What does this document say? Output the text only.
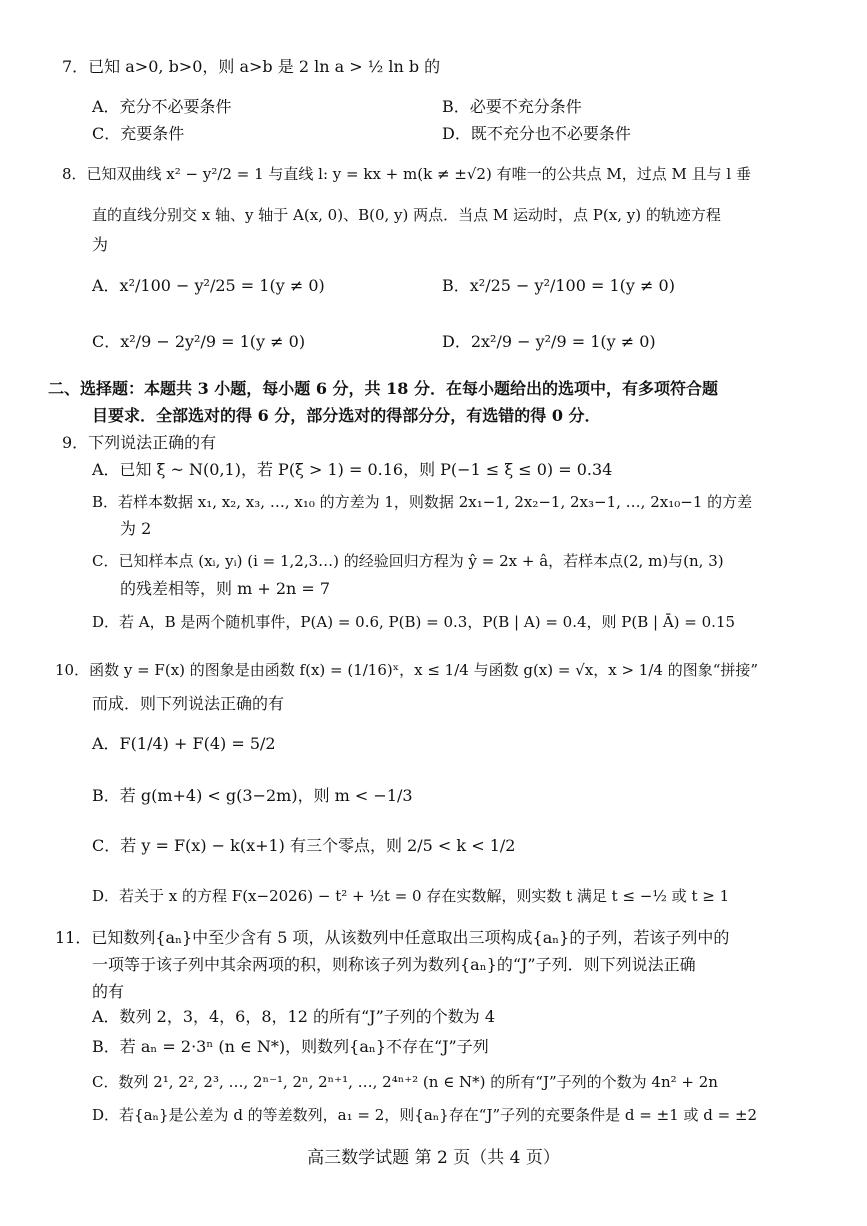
7．已知 a>0, b>0，则 a>b 是 2 ln a > ½ ln b 的
A．充分不必要条件	B．必要不充分条件
C．充要条件	D．既不充分也不必要条件
8．已知双曲线 x² − y²/2 = 1 与直线 l: y = kx + m(k ≠ ±√2) 有唯一的公共点 M，过点 M 且与 l 垂
直的直线分别交 x 轴、y 轴于 A(x, 0)、B(0, y) 两点．当点 M 运动时，点 P(x, y) 的轨迹方程
为
A．x²/100 − y²/25 = 1(y ≠ 0)	B．x²/25 − y²/100 = 1(y ≠ 0)
C．x²/9 − 2y²/9 = 1(y ≠ 0)	D．2x²/9 − y²/9 = 1(y ≠ 0)
二、选择题：本题共 3 小题，每小题 6 分，共 18 分．在每小题给出的选项中，有多项符合题
目要求．全部选对的得 6 分，部分选对的得部分分，有选错的得 0 分．
9．下列说法正确的有
A．已知 ξ ~ N(0,1)，若 P(ξ > 1) = 0.16，则 P(−1 ≤ ξ ≤ 0) = 0.34
B．若样本数据 x₁, x₂, x₃, …, x₁₀ 的方差为 1，则数据 2x₁−1, 2x₂−1, 2x₃−1, …, 2x₁₀−1 的方差
为 2
C．已知样本点 (xᵢ, yᵢ) (i = 1,2,3…) 的经验回归方程为 ŷ = 2x + â，若样本点(2, m)与(n, 3)
的残差相等，则 m + 2n = 7
D．若 A，B 是两个随机事件，P(A) = 0.6, P(B) = 0.3，P(B | A) = 0.4，则 P(B | Ā) = 0.15
10．函数 y = F(x) 的图象是由函数 f(x) = (1/16)ˣ，x ≤ 1/4 与函数 g(x) = √x，x > 1/4 的图象“拼接”
而成．则下列说法正确的有
A．F(1/4) + F(4) = 5/2
B．若 g(m+4) < g(3−2m)，则 m < −1/3
C．若 y = F(x) − k(x+1) 有三个零点，则 2/5 < k < 1/2
D．若关于 x 的方程 F(x−2026) − t² + ½t = 0 存在实数解，则实数 t 满足 t ≤ −½ 或 t ≥ 1
11．已知数列{aₙ}中至少含有 5 项，从该数列中任意取出三项构成{aₙ}的子列，若该子列中的
一项等于该子列中其余两项的积，则称该子列为数列{aₙ}的“J”子列．则下列说法正确
的有
A．数列 2，3，4，6，8，12 的所有“J”子列的个数为 4
B．若 aₙ = 2·3ⁿ (n ∈ N*)，则数列{aₙ}不存在“J”子列
C．数列 2¹, 2², 2³, …, 2ⁿ⁻¹, 2ⁿ, 2ⁿ⁺¹, …, 2⁴ⁿ⁺² (n ∈ N*) 的所有“J”子列的个数为 4n² + 2n
D．若{aₙ}是公差为 d 的等差数列，a₁ = 2，则{aₙ}存在“J”子列的充要条件是 d = ±1 或 d = ±2
高三数学试题 第 2 页（共 4 页）
